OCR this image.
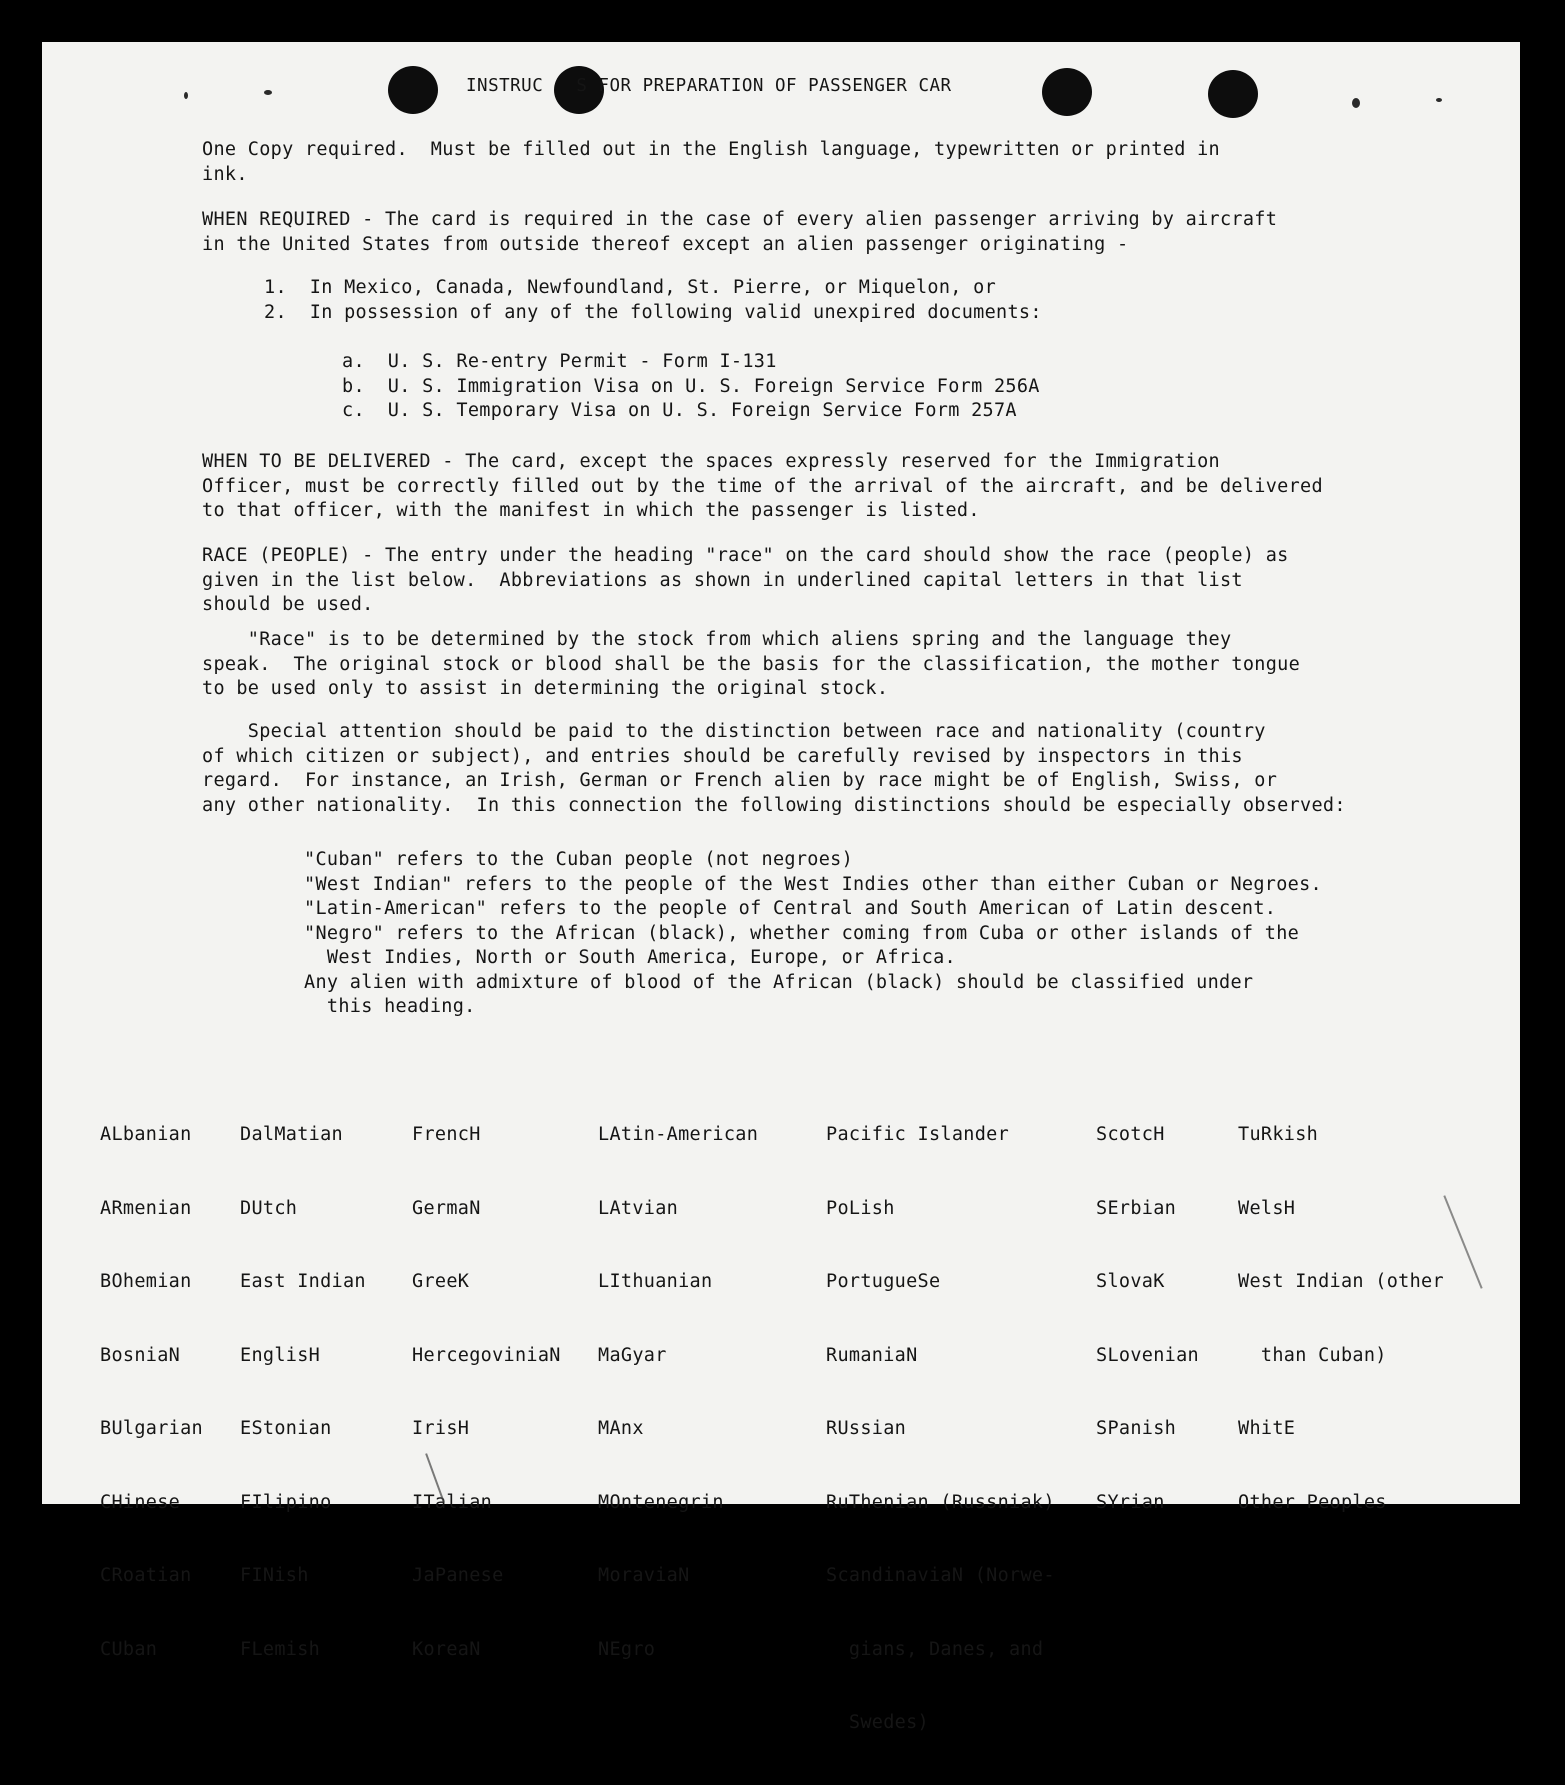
INSTRUC   S FOR PREPARATION OF PASSENGER CAR

One Copy required.  Must be filled out in the English language, typewritten or printed in
ink.

WHEN REQUIRED - The card is required in the case of every alien passenger arriving by aircraft
in the United States from outside thereof except an alien passenger originating -

1.  In Mexico, Canada, Newfoundland, St. Pierre, or Miquelon, or
2.  In possession of any of the following valid unexpired documents:

a.  U. S. Re-entry Permit - Form I-131
b.  U. S. Immigration Visa on U. S. Foreign Service Form 256A
c.  U. S. Temporary Visa on U. S. Foreign Service Form 257A

WHEN TO BE DELIVERED - The card, except the spaces expressly reserved for the Immigration
Officer, must be correctly filled out by the time of the arrival of the aircraft, and be delivered
to that officer, with the manifest in which the passenger is listed.

RACE (PEOPLE) - The entry under the heading "race" on the card should show the race (people) as
given in the list below.  Abbreviations as shown in underlined capital letters in that list
should be used.

"Race" is to be determined by the stock from which aliens spring and the language they
speak.  The original stock or blood shall be the basis for the classification, the mother tongue
to be used only to assist in determining the original stock.

Special attention should be paid to the distinction between race and nationality (country
of which citizen or subject), and entries should be carefully revised by inspectors in this
regard.  For instance, an Irish, German or French alien by race might be of English, Swiss, or
any other nationality.  In this connection the following distinctions should be especially observed:

"Cuban" refers to the Cuban people (not negroes)
"West Indian" refers to the people of the West Indies other than either Cuban or Negroes.
"Latin-American" refers to the people of Central and South American of Latin descent.
"Negro" refers to the African (black), whether coming from Cuba or other islands of the
West Indies, North or South America, Europe, or Africa.
Any alien with admixture of blood of the African (black) should be classified under
this heading.

ALbanian

ARmenian

BOhemian

BosniaN

BUlgarian

CHinese

CRoatian

CUban

DalMatian

DUtch

East Indian

EnglisH

EStonian

FIlipino

FINish

FLemish

FrencH

GermaN

GreeK

HercegoviniaN

IrisH

ITalian

JaPanese

KoreaN

LAtin-American

LAtvian

LIthuanian

MaGyar

MAnx

MOntenegrin

MoraviaN

NEgro

Pacific Islander

PoLish

PortugueSe

RumaniaN

RUssian

RuThenian (Russniak)

ScandinaviaN (Norwe-

gians, Danes, and

Swedes)

ScotcH

SErbian

SlovaK

SLovenian

SPanish

SYrian

TuRkish

WelsH

West Indian (other

than Cuban)

WhitE

Other Peoples
